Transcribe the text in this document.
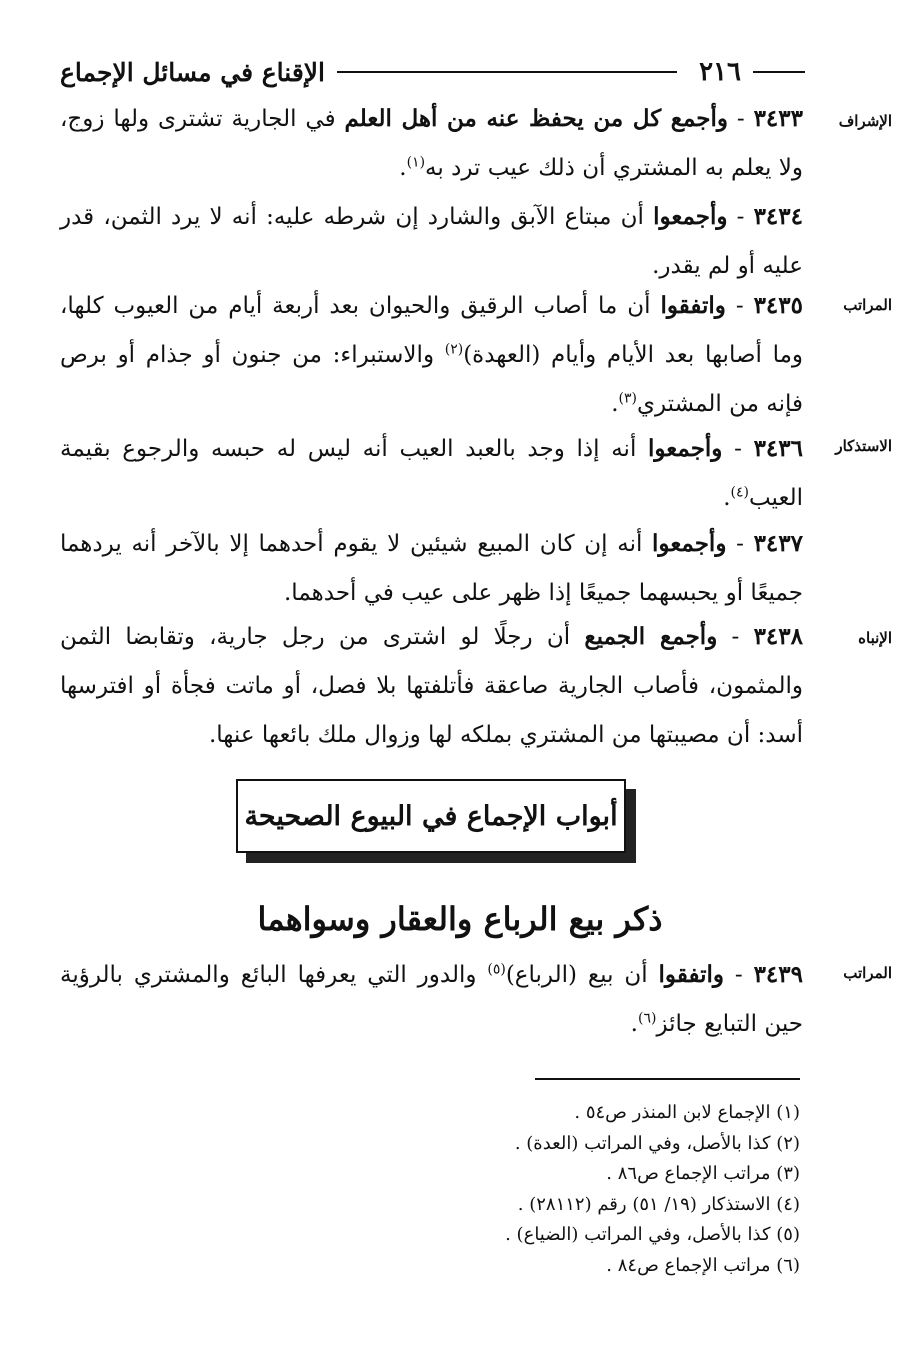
٢١٦
الإقناع في مسائل الإجماع
الإشراف
المراتب
الاستذكار
الإنباه
المراتب

٣٤٣٣ - وأجمع كل من يحفظ عنه من أهل العلم في الجارية تشترى ولها زوج، ولا يعلم به المشتري أن ذلك عيب ترد به$^{(١)}$.

٣٤٣٤ - وأجمعوا أن مبتاع الآبق والشارد إن شرطه عليه: أنه لا يرد الثمن، قدر عليه أو لم يقدر.

٣٤٣٥ - واتفقوا أن ما أصاب الرقيق والحيوان بعد أربعة أيام من العيوب كلها، وما أصابها بعد الأيام وأيام (العهدة)$^{(٢)}$ والاستبراء: من جنون أو جذام أو برص فإنه من المشتري$^{(٣)}$.

٣٤٣٦ - وأجمعوا أنه إذا وجد بالعبد العيب أنه ليس له حبسه والرجوع بقيمة العيب$^{(٤)}$.

٣٤٣٧ - وأجمعوا أنه إن كان المبيع شيئين لا يقوم أحدهما إلا بالآخر أنه يردهما جميعًا أو يحبسهما جميعًا إذا ظهر على عيب في أحدهما.

٣٤٣٨ - وأجمع الجميع أن رجلًا لو اشترى من رجل جارية، وتقابضا الثمن والمثمون، فأصاب الجارية صاعقة فأتلفتها بلا فصل، أو ماتت فجأة أو افترسها أسد: أن مصيبتها من المشتري بملكه لها وزوال ملك بائعها عنها.

أبواب الإجماع في البيوع الصحيحة
ذكر بيع الرباع والعقار وسواهما

٣٤٣٩ - واتفقوا أن بيع (الرباع)$^{(٥)}$ والدور التي يعرفها البائع والمشتري بالرؤية حين التبايع جائز$^{(٦)}$.

(١) الإجماع لابن المنذر ص٥٤ .
(٢) كذا بالأصل، وفي المراتب (العدة) .
(٣) مراتب الإجماع ص٨٦ .
(٤) الاستذكار (١٩/ ٥١) رقم (٢٨١١٢) .
(٥) كذا بالأصل، وفي المراتب (الضياع) .
(٦) مراتب الإجماع ص٨٤ .
